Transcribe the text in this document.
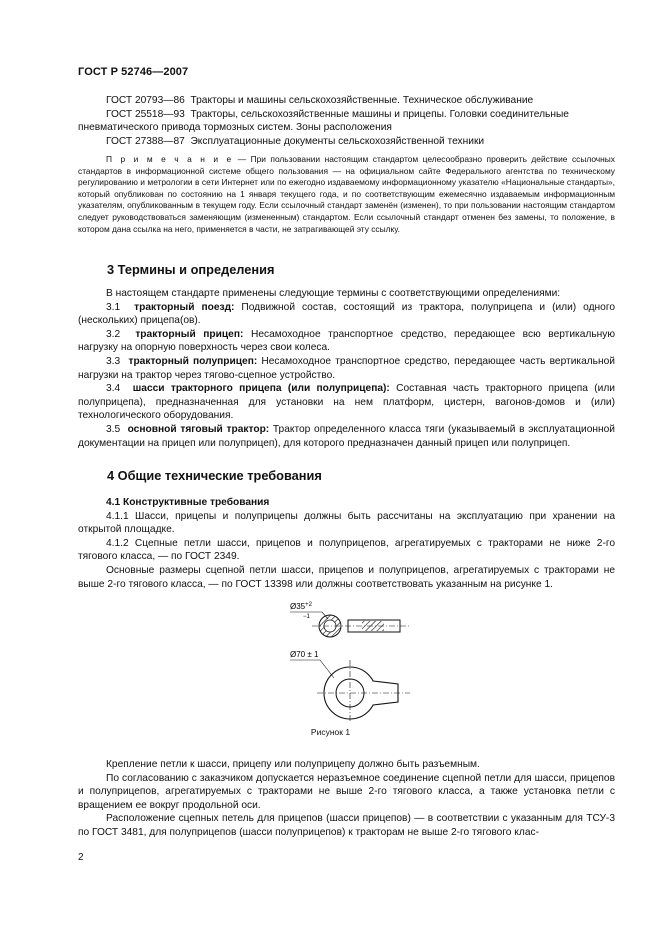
ГОСТ Р 52746—2007
ГОСТ 20793—86 Тракторы и машины сельскохозяйственные. Техническое обслуживание
ГОСТ 25518—93 Тракторы, сельскохозяйственные машины и прицепы. Головки соединительные
пневматического привода тормозных систем. Зоны расположения
ГОСТ 27388—87 Эксплуатационные документы сельскохозяйственной техники

П р и м е ч а н и е — При пользовании настоящим стандартом целесообразно проверить действие ссылочных стандартов в информационной системе общего пользования — на официальном сайте Федерального агентства по техническому регулированию и метрологии в сети Интернет или по ежегодно издаваемому информационному указателю «Национальные стандарты», который опубликован по состоянию на 1 января текущего года, и по соответствующим ежемесячно издаваемым информационным указателям, опубликованным в текущем году. Если ссылочный стандарт заменён (изменен), то при пользовании настоящим стандартом следует руководствоваться заменяющим (измененным) стандартом. Если ссылочный стандарт отменен без замены, то положение, в котором дана ссылка на него, применяется в части, не затрагивающей эту ссылку.

3 Термины и определения

В настоящем стандарте применены следующие термины с соответствующими определениями:

3.1 тракторный поезд: Подвижной состав, состоящий из трактора, полуприцепа и (или) одного (нескольких) прицепа(ов).

3.2 тракторный прицеп: Несамоходное транспортное средство, передающее всю вертикальную нагрузку на опорную поверхность через свои колеса.

3.3 тракторный полуприцеп: Несамоходное транспортное средство, передающее часть вертикальной нагрузки на трактор через тягово-сцепное устройство.

3.4 шасси тракторного прицепа (или полуприцепа): Составная часть тракторного прицепа (или полуприцепа), предназначенная для установки на нем платформ, цистерн, вагонов-домов и (или) технологического оборудования.

3.5 основной тяговый трактор: Трактор определенного класса тяги (указываемый в эксплуатационной документации на прицеп или полуприцеп), для которого предназначен данный прицеп или полуприцеп.

4 Общие технические требования

4.1 Конструктивные требования

4.1.1 Шасси, прицепы и полуприцепы должны быть рассчитаны на эксплуатацию при хранении на открытой площадке.

4.1.2 Сцепные петли шасси, прицепов и полуприцепов, агрегатируемых с тракторами не ниже 2-го тягового класса, — по ГОСТ 2349.

Основные размеры сцепной петли шасси, прицепов и полуприцепов, агрегатируемых с тракторами не выше 2-го тягового класса, — по ГОСТ 13398 или должны соответствовать указанным на рисунке 1.

$Ø35^{+2}$
−1
Ø70 ± 1
Рисунок 1

Крепление петли к шасси, прицепу или полуприцепу должно быть разъемным.

По согласованию с заказчиком допускается неразъемное соединение сцепной петли для шасси, прицепов и полуприцепов, агрегатируемых с тракторами не выше 2-го тягового класса, а также установка петли с вращением ее вокруг продольной оси.

Расположение сцепных петель для прицепов (шасси прицепов) — в соответствии с указанным для ТСУ-3 по ГОСТ 3481, для полуприцепов (шасси полуприцепов) к тракторам не выше 2-го тягового клас-

2
